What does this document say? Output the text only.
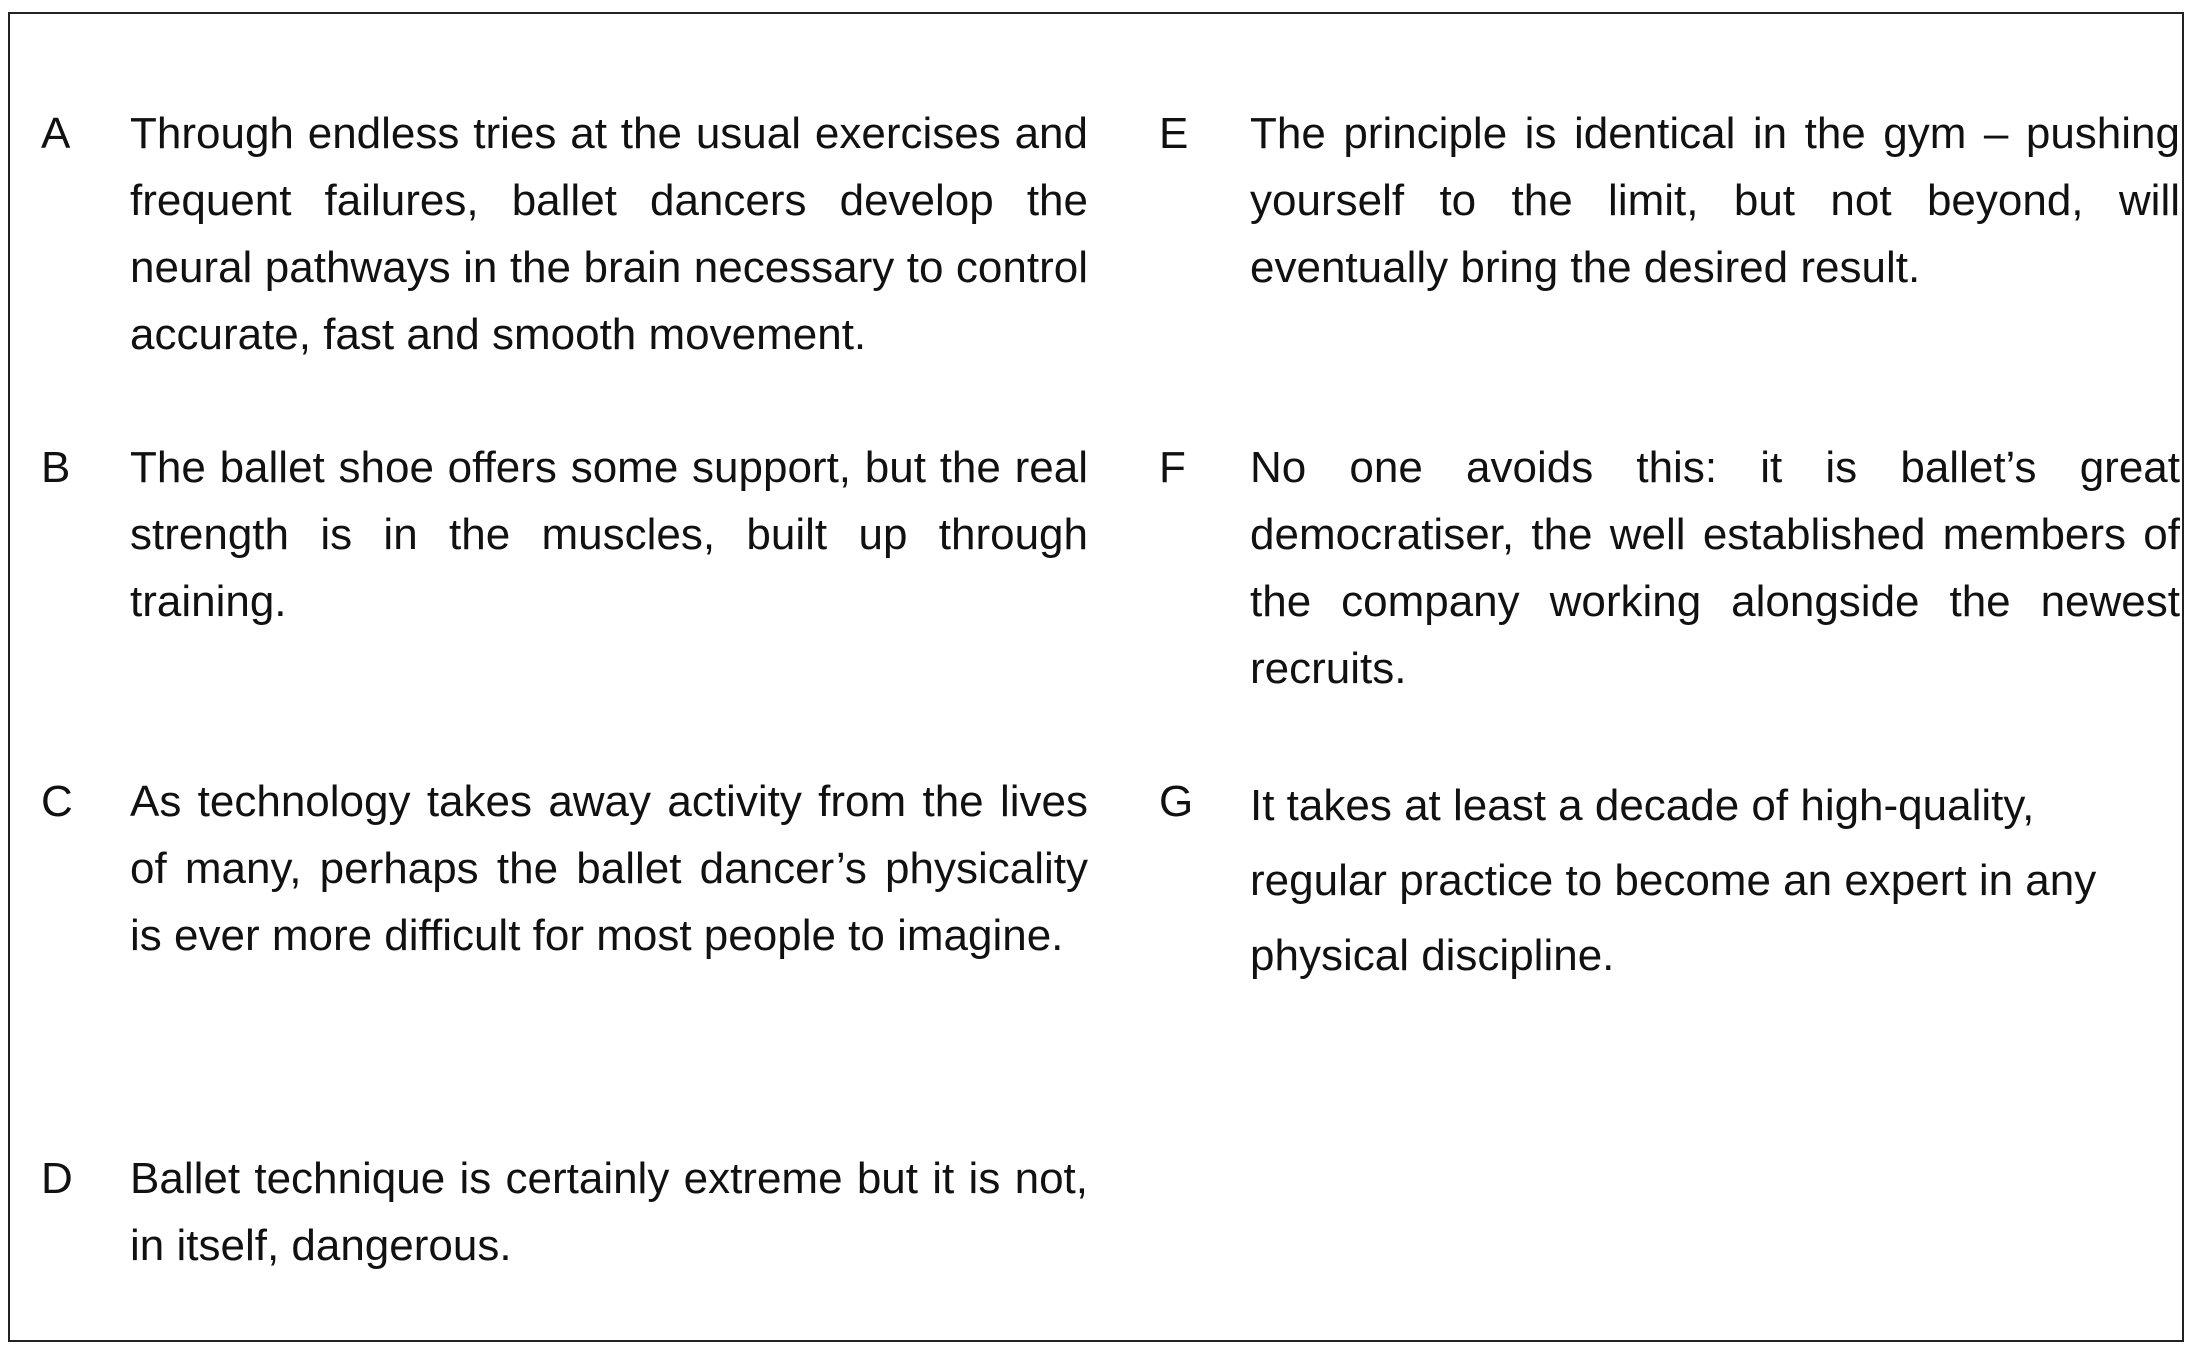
A	Through endless tries at the usual exercises and frequent failures, ballet dancers develop the neural pathways in the brain necessary to control accurate, fast and smooth movement.
B	The ballet shoe offers some support, but the real strength is in the muscles, built up through training.
C	As technology takes away activity from the lives of many, perhaps the ballet dancer’s physicality is ever more difficult for most people to imagine.
D	Ballet technique is certainly extreme but it is not, in itself, dangerous.
E	The principle is identical in the gym – pushing yourself to the limit, but not beyond, will eventually bring the desired result.
F	No one avoids this: it is ballet’s great democratiser, the well established members of the company working alongside the newest recruits.
G	It takes at least a decade of high-quality, regular practice to become an expert in any physical discipline.
